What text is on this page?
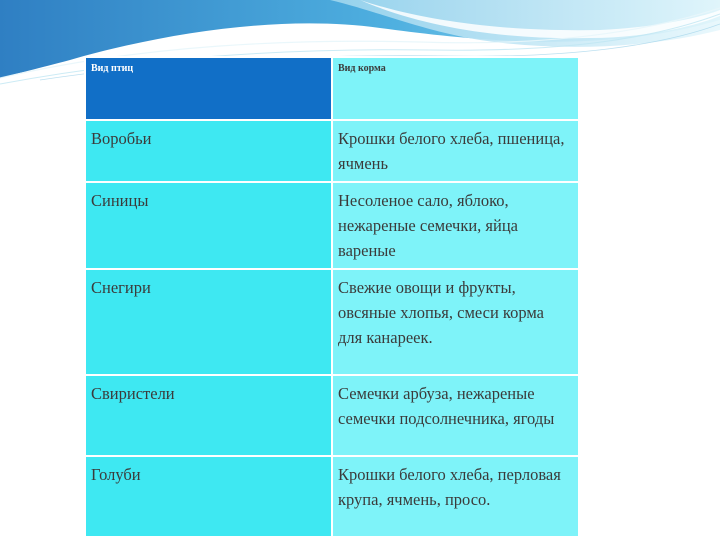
Вид птиц	Вид корма
Воробьи	Крошки белого хлеба, пшеница, ячмень
Синицы	Несоленое сало, яблоко, нежареные семечки, яйца вареные
Снегири	Свежие овощи и фрукты, овсяные хлопья, смеси корма для канареек.
Свиристели	Семечки арбуза, нежареные семечки подсолнечника, ягоды
Голуби	Крошки белого хлеба, перловая крупа, ячмень, просо.
